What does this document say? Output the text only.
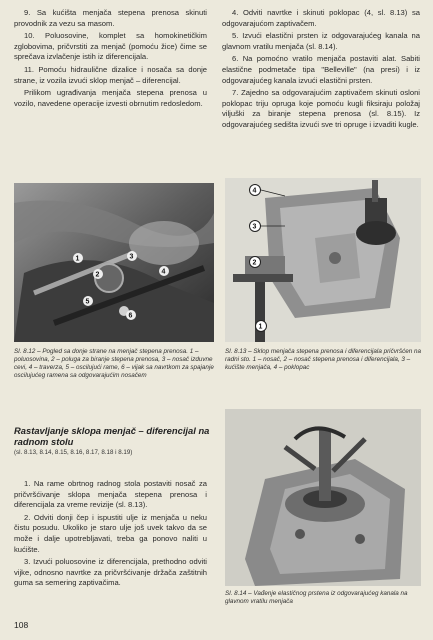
9. Sa kućišta menjača stepena prenosa skinuti provodnik za vezu sa masom.

10. Poluosovine, komplet sa homokinetičkim zglobovima, pričvrstiti za menjač (pomoću žice) čime se sprečava izvlačenje istih iz diferencijala.

11. Pomoću hidraulične dizalice i nosača sa donje strane, iz vozila izvući sklop menjač – diferencijal.

Prilikom ugrađivanja menjača stepena prenosa u vozilo, navedene operacije izvesti obrnutim redosledom.

4. Odviti navrtke i skinuti poklopac (4, sl. 8.13) sa odgovarajućom zaptivačem.

5. Izvući elastični prsten iz odgovarajućeg kanala na glavnom vratilu menjača (sl. 8.14).

6. Na pomoćno vratilo menjača postaviti alat. Sabiti elastične podmetače tipa "Belleville" (na presi) i iz odgovarajućeg kanala izvući elastični prsten.

7. Zajedno sa odgovarajućim zaptivačem skinuti osloni poklopac triju opruga koje pomoću kugli fiksiraju položaj viljuški za biranje stepena prenosa (sl. 8.15). Iz odgovarajućeg sedišta izvući sve tri opruge i izvaditi kugle.

1
2
3
4
5
6
Sl. 8.12 – Pogled sa donje strane na menjač stepena prenosa. 1 – poluosovina, 2 – poluga za biranje stepena prenosa, 3 – nosač izduvne cevi, 4 – traverza, 5 – oscilujući rame, 6 – vijak sa navrtkom za spajanje oscilujućeg ramena sa odgovarajućim nosačem
4
3
2
1
Sl. 8.13 – Sklop menjača stepena prenosa i diferencijala pričvršćen na radni sto. 1 – nosač, 2 – nosač stepena prenosa i diferencijala, 3 – kućište menjača, 4 – poklopac
Rastavljanje sklopa menjač – diferencijal na radnom stolu
(sl. 8.13, 8.14, 8.15, 8.16, 8.17, 8.18 i 8.19)

1. Na rame obrtnog radnog stola postaviti nosač za pričvršćivanje sklopa menjača stepena prenosa i diferencijala za vreme revizije (sl. 8.13).

2. Odviti donji čep i ispustiti ulje iz menjača u neku čistu posudu. Ukoliko je staro ulje još uvek takvo da se može i dalje upotrebljavati, treba ga ponovo naliti u kućište.

3. Izvući poluosovine iz diferencijala, prethodno odviti vijke, odnosno navrtke za pričvršćivanje držača zaštitnih guma sa semering zaptivačima.

Sl. 8.14 – Vađenje elastičnog prstena iz odgovarajućeg kanala na glavnom vratilu menjača
108
